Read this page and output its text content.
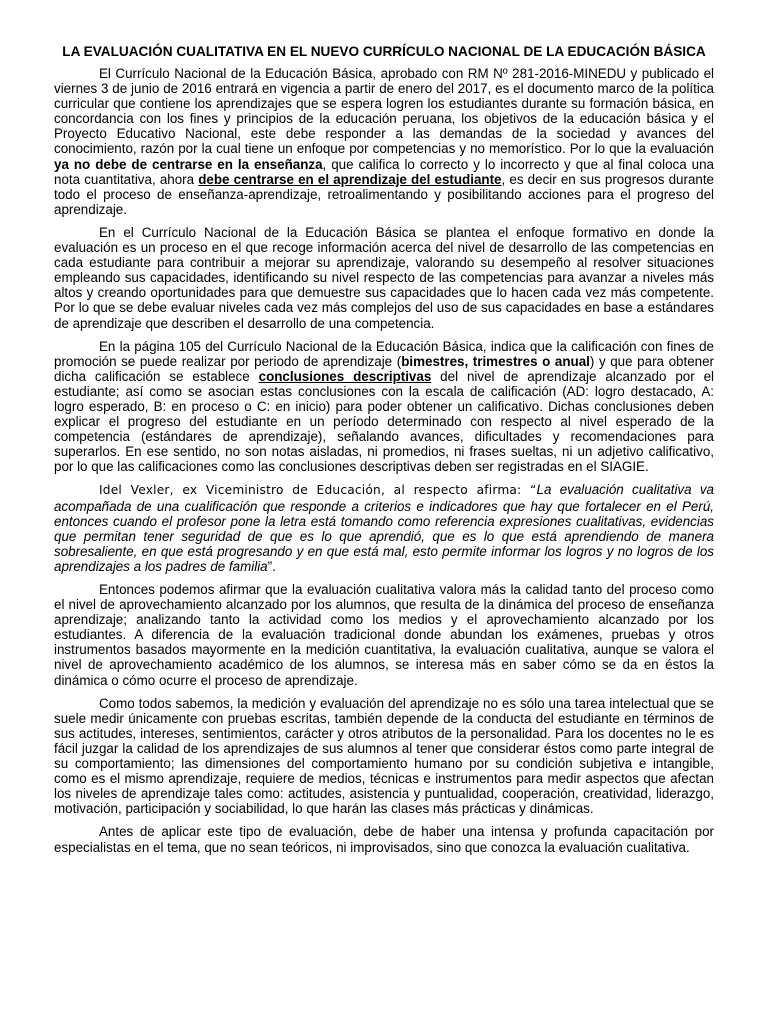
LA EVALUACIÓN CUALITATIVA EN EL NUEVO CURRÍCULO NACIONAL DE LA EDUCACIÓN BÁSICA

El Currículo Nacional de la Educación Básica, aprobado con RM Nº 281-2016-MINEDU y publicado el viernes 3 de junio de 2016 entrará en vigencia a partir de enero del 2017, es el documento marco de la política curricular que contiene los aprendizajes que se espera logren los estudiantes durante su formación básica, en concordancia con los fines y principios de la educación peruana, los objetivos de la educación básica y el Proyecto Educativo Nacional, este debe responder a las demandas de la sociedad y avances del conocimiento, razón por la cual tiene un enfoque por competencias y no memorístico. Por lo que la evaluación ya no debe de centrarse en la enseñanza, que califica lo correcto y lo incorrecto y que al final coloca una nota cuantitativa, ahora debe centrarse en el aprendizaje del estudiante, es decir en sus progresos durante todo el proceso de enseñanza-aprendizaje, retroalimentando y posibilitando acciones para el progreso del aprendizaje.

En el Currículo Nacional de la Educación Básica se plantea el enfoque formativo en donde la evaluación es un proceso en el que recoge información acerca del nivel de desarrollo de las competencias en cada estudiante para contribuir a mejorar su aprendizaje, valorando su desempeño al resolver situaciones empleando sus capacidades, identificando su nivel respecto de las competencias para avanzar a niveles más altos y creando oportunidades para que demuestre sus capacidades que lo hacen cada vez más competente. Por lo que se debe evaluar niveles cada vez más complejos del uso de sus capacidades en base a estándares de aprendizaje que describen el desarrollo de una competencia.

En la página 105 del Currículo Nacional de la Educación Básica, indica que la calificación con fines de promoción se puede realizar por periodo de aprendizaje (bimestres, trimestres o anual) y que para obtener dicha calificación se establece conclusiones descriptivas del nivel de aprendizaje alcanzado por el estudiante; así como se asocian estas conclusiones con la escala de calificación (AD: logro destacado, A: logro esperado, B: en proceso o C: en inicio) para poder obtener un calificativo. Dichas conclusiones deben explicar el progreso del estudiante en un período determinado con respecto al nivel esperado de la competencia (estándares de aprendizaje), señalando avances, dificultades y recomendaciones para superarlos. En ese sentido, no son notas aisladas, ni promedios, ni frases sueltas, ni un adjetivo calificativo, por lo que las calificaciones como las conclusiones descriptivas deben ser registradas en el SIAGIE.

Idel Vexler, ex Viceministro de Educación, al respecto afirma: “La evaluación cualitativa va acompañada de una cualificación que responde a criterios e indicadores que hay que fortalecer en el Perú, entonces cuando el profesor pone la letra está tomando como referencia expresiones cualitativas, evidencias que permitan tener seguridad de que es lo que aprendió, que es lo que está aprendiendo de manera sobresaliente, en que está progresando y en que está mal, esto permite informar los logros y no logros de los aprendizajes a los padres de familia”.

Entonces podemos afirmar que la evaluación cualitativa valora más la calidad tanto del proceso como el nivel de aprovechamiento alcanzado por los alumnos, que resulta de la dinámica del proceso de enseñanza aprendizaje; analizando tanto la actividad como los medios y el aprovechamiento alcanzado por los estudiantes. A diferencia de la evaluación tradicional donde abundan los exámenes, pruebas y otros instrumentos basados mayormente en la medición cuantitativa, la evaluación cualitativa, aunque se valora el nivel de aprovechamiento académico de los alumnos, se interesa más en saber cómo se da en éstos la dinámica o cómo ocurre el proceso de aprendizaje.

Como todos sabemos, la medición y evaluación del aprendizaje no es sólo una tarea intelectual que se suele medir únicamente con pruebas escritas, también depende de la conducta del estudiante en términos de sus actitudes, intereses, sentimientos, carácter y otros atributos de la personalidad. Para los docentes no le es fácil juzgar la calidad de los aprendizajes de sus alumnos al tener que considerar éstos como parte integral de su comportamiento; las dimensiones del comportamiento humano por su condición subjetiva e intangible, como es el mismo aprendizaje, requiere de medios, técnicas e instrumentos para medir aspectos que afectan los niveles de aprendizaje tales como: actitudes, asistencia y puntualidad, cooperación, creatividad, liderazgo, motivación, participación y sociabilidad, lo que harán las clases más prácticas y dinámicas.

Antes de aplicar este tipo de evaluación, debe de haber una intensa y profunda capacitación por especialistas en el tema, que no sean teóricos, ni improvisados, sino que conozca la evaluación cualitativa.
